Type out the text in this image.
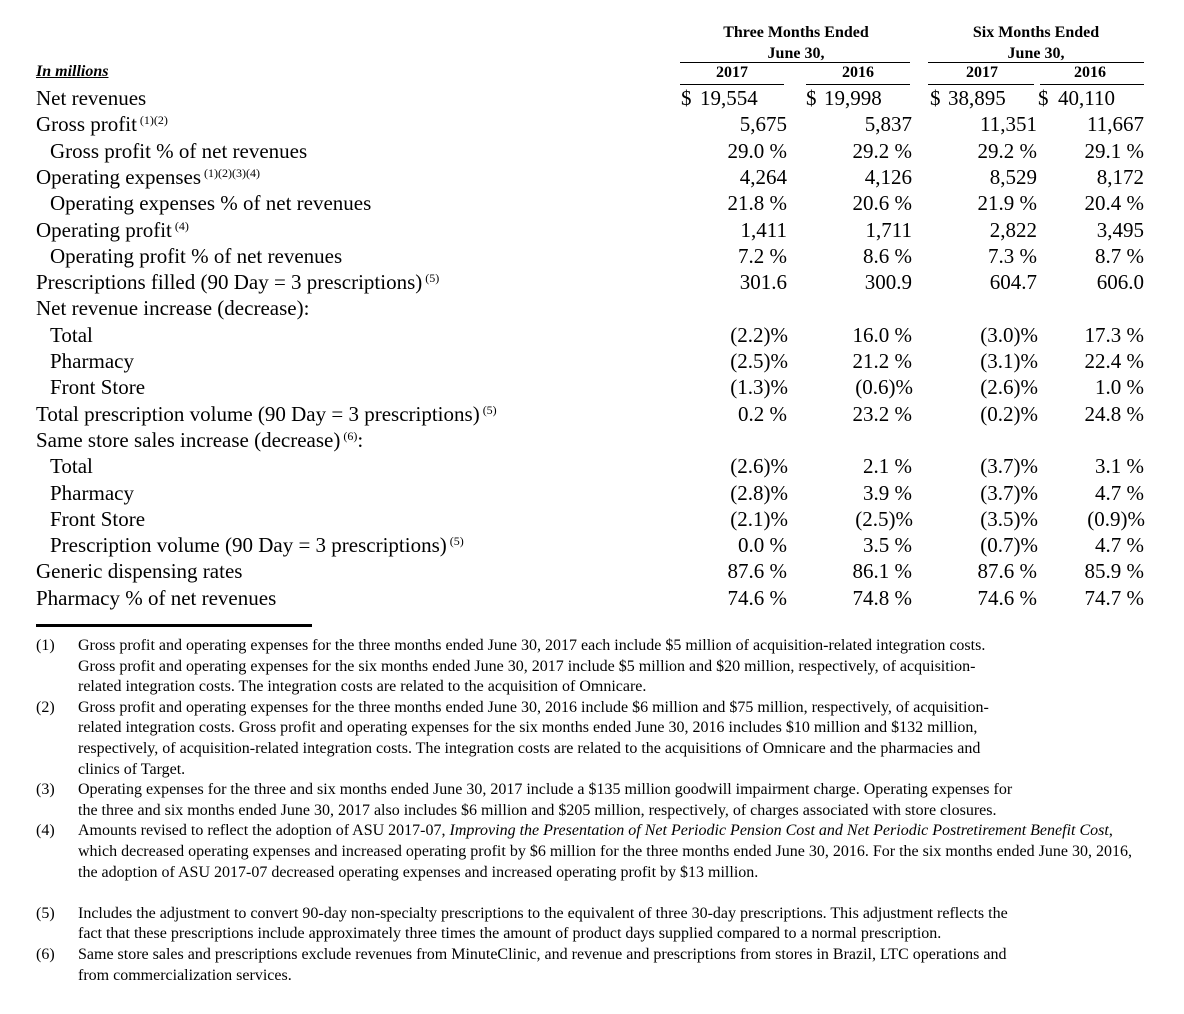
Three Months Ended
June 30,
Six Months Ended
June 30,
In millions	2017	2016	2017	2016
Net revenues	19,554	19,998	38,895 40,110
$	$	$	$
Gross profit $^{(1)(2)}$	5,675	5,837	11,351 11,667
Gross profit % of net revenues	29.0 %	29.2 %	29.2 % 29.1 %
Operating expenses $^{(1)(2)(3)(4)}$	4,264	4,126	8,529	8,172
Operating expenses % of net revenues	21.8 %	20.6 %	21.9 % 20.4 %
Operating profit $^{(4)}$	1,411	1,711	2,822	3,495
Operating profit % of net revenues	7.2 %	8.6 %	7.3 %	8.7 %
Prescriptions filled (90 Day = 3 prescriptions) $^{(5)}$	301.6	300.9	604.7	606.0
Net revenue increase (decrease):
Total	(2.2)%	16.0 %	(3.0)% 17.3 %
Pharmacy	(2.5)%	21.2 %	(3.1)% 22.4 %
Front Store	(1.3)%	(0.6)%	(2.6)%	1.0 %
Total prescription volume (90 Day = 3 prescriptions) $^{(5)}$	0.2 %	23.2 %	(0.2)% 24.8 %
Same store sales increase (decrease) $^{(6)}$:
Total	(2.6)%	2.1 %	(3.7)%	3.1 %
Pharmacy	(2.8)%	3.9 %	(3.7)%	4.7 %
Front Store	(2.1)%	(2.5)%	(3.5)% (0.9)%
Prescription volume (90 Day = 3 prescriptions) $^{(5)}$	0.0 %	3.5 %	(0.7)%	4.7 %
Generic dispensing rates	87.6 %	86.1 %	87.6 % 85.9 %
Pharmacy % of net revenues	74.6 %	74.8 %	74.6 % 74.7 %
(1) Gross profit and operating expenses for the three months ended June 30, 2017 each include $5 million of acquisition-related integration costs.
Gross profit and operating expenses for the six months ended June 30, 2017 include $5 million and $20 million, respectively, of acquisition-
related integration costs. The integration costs are related to the acquisition of Omnicare.
(2) Gross profit and operating expenses for the three months ended June 30, 2016 include $6 million and $75 million, respectively, of acquisition-
related integration costs. Gross profit and operating expenses for the six months ended June 30, 2016 includes $10 million and $132 million,
respectively, of acquisition-related integration costs. The integration costs are related to the acquisitions of Omnicare and the pharmacies and
clinics of Target.
(3) Operating expenses for the three and six months ended June 30, 2017 include a $135 million goodwill impairment charge. Operating expenses for
the three and six months ended June 30, 2017 also includes $6 million and $205 million, respectively, of charges associated with store closures.
(4) Amounts revised to reflect the adoption of ASU 2017-07, Improving the Presentation of Net Periodic Pension Cost and Net Periodic Postretirement Benefit Cost, which decreased operating expenses and increased operating profit by $6 million for the three months ended June 30, 2016. For the six months ended June 30, 2016, the adoption of ASU 2017-07 decreased operating expenses and increased operating profit by $13 million.
(5) Includes the adjustment to convert 90-day non-specialty prescriptions to the equivalent of three 30-day prescriptions. This adjustment reflects the
fact that these prescriptions include approximately three times the amount of product days supplied compared to a normal prescription.
(6) Same store sales and prescriptions exclude revenues from MinuteClinic, and revenue and prescriptions from stores in Brazil, LTC operations and
from commercialization services.
